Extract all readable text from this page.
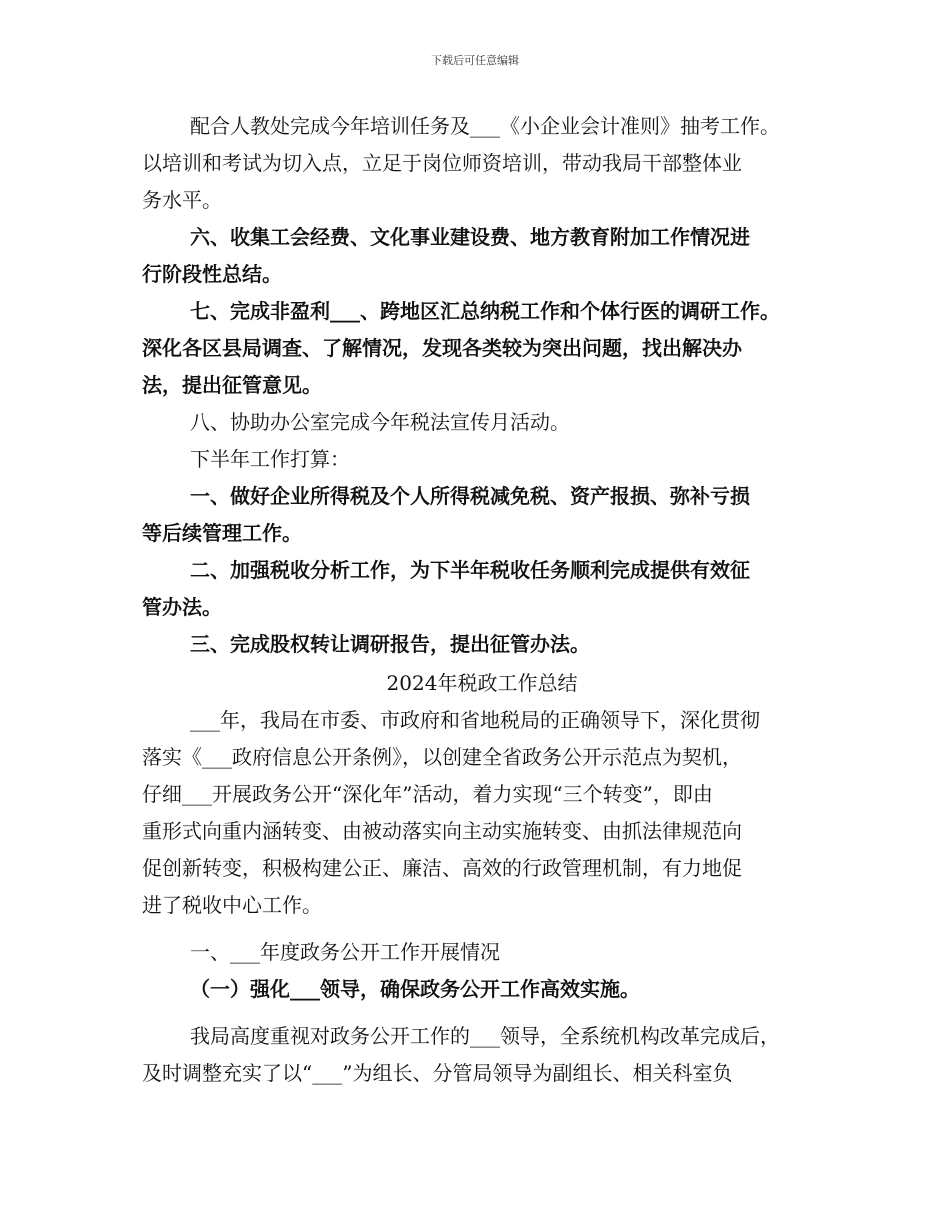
下载后可任意编辑

配合人教处完成今年培训任务及___《小企业会计准则》抽考工作。

以培训和考试为切入点，立足于岗位师资培训，带动我局干部整体业

务水平。

六、收集工会经费、文化事业建设费、地方教育附加工作情况进

行阶段性总结。

七、完成非盈利___、跨地区汇总纳税工作和个体行医的调研工作。

深化各区县局调查、了解情况，发现各类较为突出问题，找出解决办

法，提出征管意见。

八、协助办公室完成今年税法宣传月活动。

下半年工作打算：

一、做好企业所得税及个人所得税减免税、资产报损、弥补亏损

等后续管理工作。

二、加强税收分析工作，为下半年税收任务顺利完成提供有效征

管办法。

三、完成股权转让调研报告，提出征管办法。

2024年税政工作总结

___年，我局在市委、市政府和省地税局的正确领导下，深化贯彻

落实《___政府信息公开条例》，以创建全省政务公开示范点为契机，

仔细___开展政务公开“深化年”活动，着力实现“三个转变”，即由

重形式向重内涵转变、由被动落实向主动实施转变、由抓法律规范向

促创新转变，积极构建公正、廉洁、高效的行政管理机制，有力地促

进了税收中心工作。

一、___年度政务公开工作开展情况

（一）强化___领导，确保政务公开工作高效实施。

我局高度重视对政务公开工作的___领导，全系统机构改革完成后，

及时调整充实了以“___”为组长、分管局领导为副组长、相关科室负
